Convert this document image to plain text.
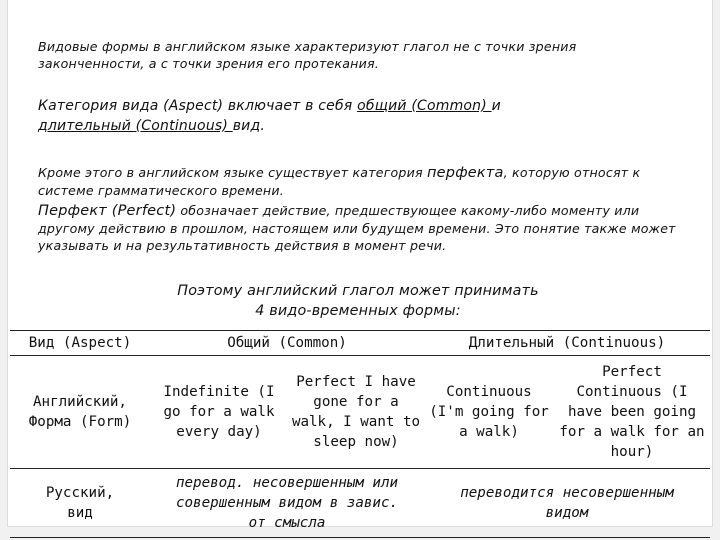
Видовые формы в английском языке характеризуют глагол не с точки зрения законченности, а с точки зрения его протекания.

Категория вида (Aspect) включает в себя общий (Common) и
длительный (Continuous) вид.

Кроме этого в английском языке существует категория перфекта, которую относят к системе грамматического времени.

Перфект (Perfect) обозначает действие, предшествующее какому-либо моменту или другому действию в прошлом, настоящем или будущем времени. Это понятие также может указывать и на результативность действия в момент речи.

Поэтому английский глагол может принимать
4 видо-временных формы:
Вид (Aspect)	Общий (Common)		Длительный (Continuous)	
Английский, Форма (Form)	Indefinite (I go for a walk every day)	Perfect I have gone for a walk, I want to sleep now)	Continuous (I'm going for a walk)	Perfect Continuous (I have been going for a walk for an hour)
Русский, вид	перевод. несовершенным или совершенным видом в завис. от смысла		переводится несовершенным видом	
